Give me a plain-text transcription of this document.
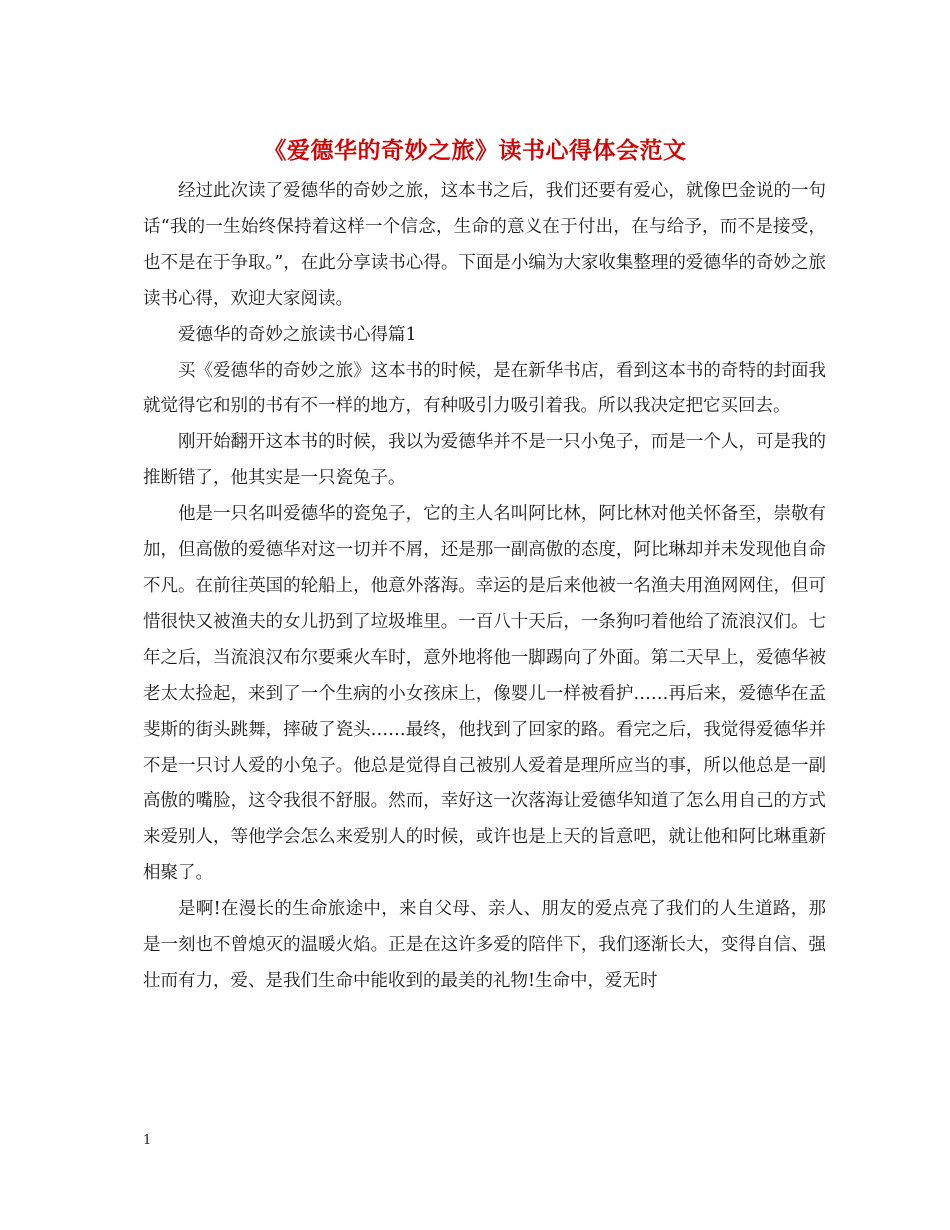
《爱德华的奇妙之旅》读书心得体会范文

经过此次读了爱德华的奇妙之旅，这本书之后，我们还要有爱心，就像巴金说的一句话“我的一生始终保持着这样一个信念，生命的意义在于付出，在与给予，而不是接受，也不是在于争取。”，在此分享读书心得。下面是小编为大家收集整理的爱德华的奇妙之旅读书心得，欢迎大家阅读。

爱德华的奇妙之旅读书心得篇1

买《爱德华的奇妙之旅》这本书的时候，是在新华书店，看到这本书的奇特的封面我就觉得它和别的书有不一样的地方，有种吸引力吸引着我。所以我决定把它买回去。

刚开始翻开这本书的时候，我以为爱德华并不是一只小兔子，而是一个人，可是我的推断错了，他其实是一只瓷兔子。

他是一只名叫爱德华的瓷兔子，它的主人名叫阿比林，阿比林对他关怀备至，崇敬有加，但高傲的爱德华对这一切并不屑，还是那一副高傲的态度，阿比琳却并未发现他自命不凡。在前往英国的轮船上，他意外落海。幸运的是后来他被一名渔夫用渔网网住，但可惜很快又被渔夫的女儿扔到了垃圾堆里。一百八十天后，一条狗叼着他给了流浪汉们。七年之后，当流浪汉布尔要乘火车时，意外地将他一脚踢向了外面。第二天早上，爱德华被老太太捡起，来到了一个生病的小女孩床上，像婴儿一样被看护……再后来，爱德华在孟斐斯的街头跳舞，摔破了瓷头……最终，他找到了回家的路。看完之后，我觉得爱德华并不是一只讨人爱的小兔子。他总是觉得自己被别人爱着是理所应当的事，所以他总是一副高傲的嘴脸，这令我很不舒服。然而，幸好这一次落海让爱德华知道了怎么用自己的方式来爱别人，等他学会怎么来爱别人的时候，或许也是上天的旨意吧，就让他和阿比琳重新相聚了。

是啊!在漫长的生命旅途中，来自父母、亲人、朋友的爱点亮了我们的人生道路，那是一刻也不曾熄灭的温暖火焰。正是在这许多爱的陪伴下，我们逐渐长大，变得自信、强壮而有力，爱、是我们生命中能收到的最美的礼物!生命中，爱无时

1
